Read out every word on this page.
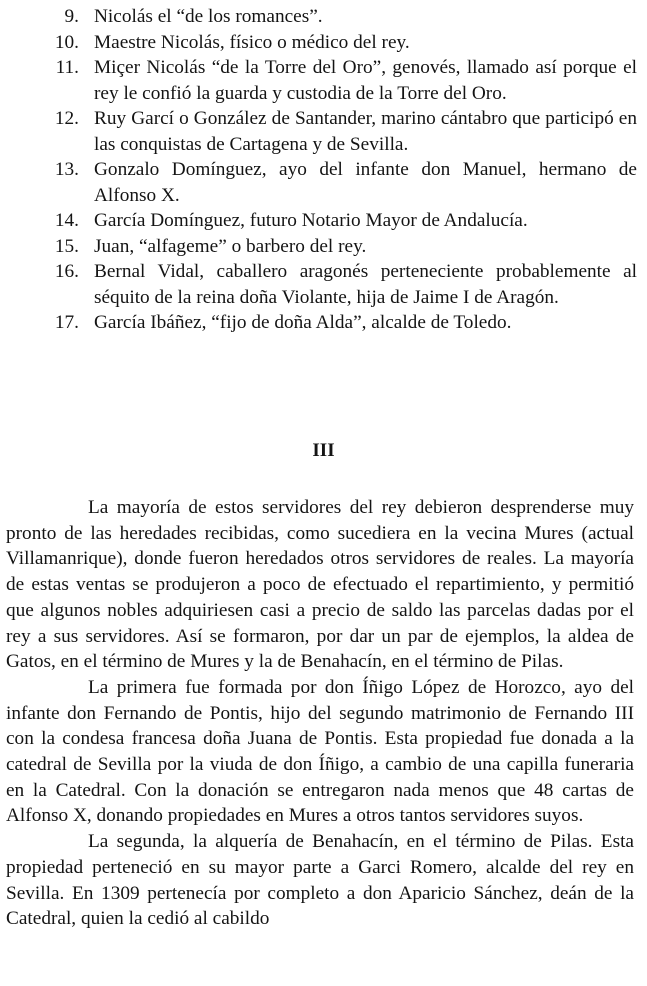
9. Nicolás el “de los romances”.
10. Maestre Nicolás, físico o médico del rey.
11. Miçer Nicolás “de la Torre del Oro”, genovés, llamado así porque el rey le confió la guarda y custodia de la Torre del Oro.
12. Ruy Garcí o González de Santander, marino cántabro que participó en las conquistas de Cartagena y de Sevilla.
13. Gonzalo Domínguez, ayo del infante don Manuel, hermano de Alfonso X.
14. García Domínguez, futuro Notario Mayor de Andalucía.
15. Juan, “alfageme” o barbero del rey.
16. Bernal Vidal, caballero aragonés perteneciente probablemente al séquito de la reina doña Violante, hija de Jaime I de Aragón.
17. García Ibáñez, “fijo de doña Alda”, alcalde de Toledo.
III

La mayoría de estos servidores del rey debieron desprenderse muy pronto de las heredades recibidas, como sucediera en la vecina Mures (actual Villamanrique), donde fueron heredados otros servidores de reales. La mayoría de estas ventas se produjeron a poco de efectuado el repartimiento, y permitió que algunos nobles adquiriesen casi a precio de saldo las parcelas dadas por el rey a sus servidores. Así se formaron, por dar un par de ejemplos, la aldea de Gatos, en el término de Mures y la de Benahacín, en el término de Pilas.

La primera fue formada por don Íñigo López de Horozco, ayo del infante don Fernando de Pontis, hijo del segundo matrimonio de Fernando III con la condesa francesa doña Juana de Pontis. Esta propiedad fue donada a la catedral de Sevilla por la viuda de don Íñigo, a cambio de una capilla funeraria en la Catedral. Con la donación se entregaron nada menos que 48 cartas de Alfonso X, donando propiedades en Mures a otros tantos servidores suyos.

La segunda, la alquería de Benahacín, en el término de Pilas. Esta propiedad perteneció en su mayor parte a Garci Romero, alcalde del rey en Sevilla. En 1309 pertenecía por completo a don Aparicio Sánchez, deán de la Catedral, quien la cedió al cabildo
